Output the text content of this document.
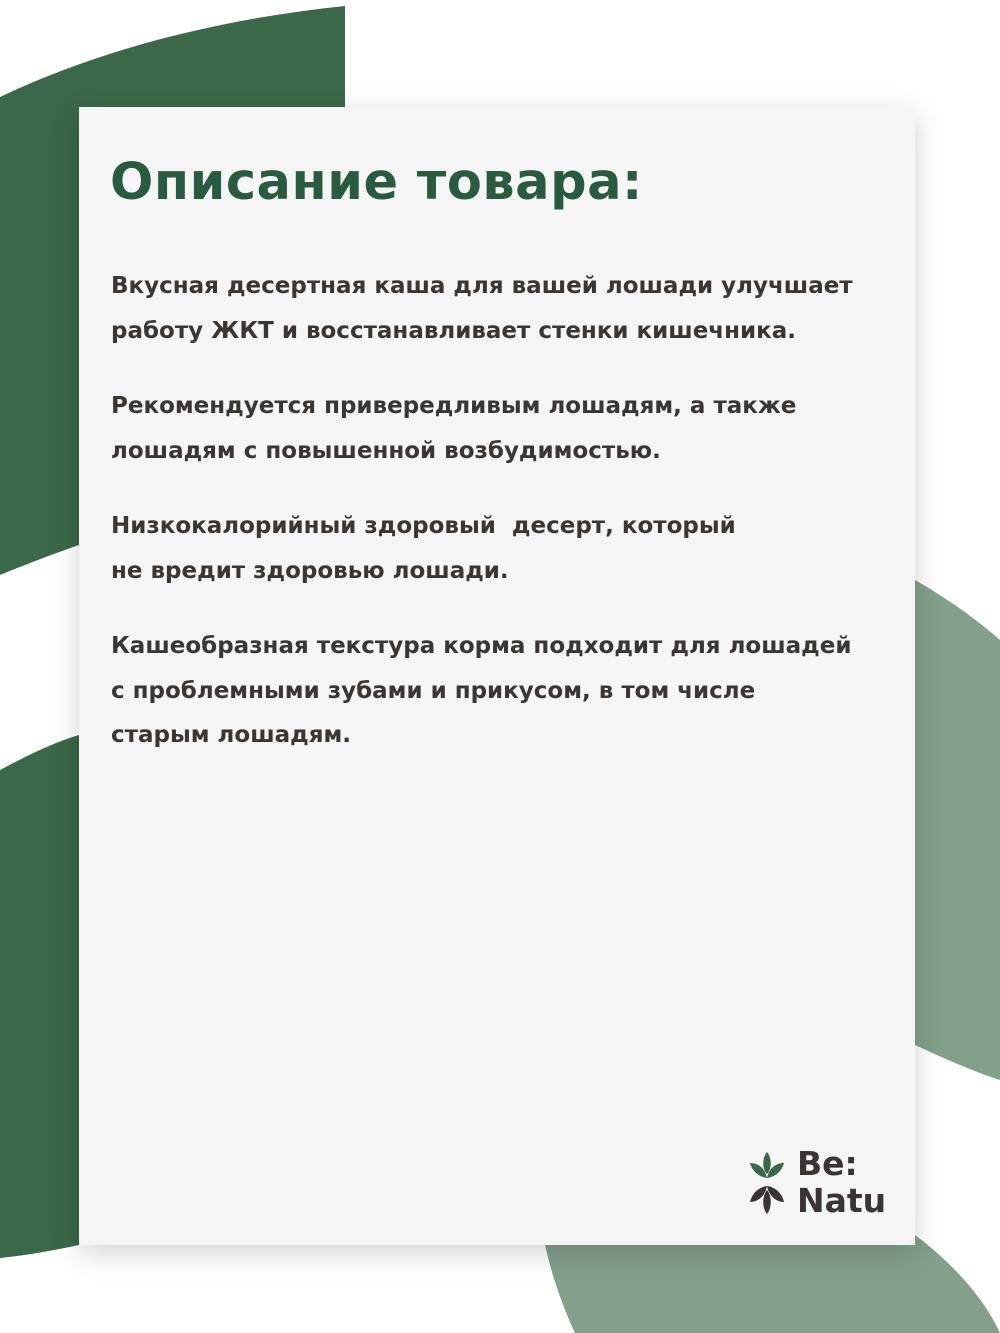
Описание товара:

Вкусная десертная каша для вашей лошади улучшает
работу ЖКТ и восстанавливает стенки кишечника.

Рекомендуется привередливым лошадям, а также
лошадям с повышенной возбудимостью.

Низкокалорийный здоровый  десерт, который
не вредит здоровью лошади.

Кашеобразная текстура корма подходит для лошадей
с проблемными зубами и прикусом, в том числе
старым лошадям.

Be:
Natu
